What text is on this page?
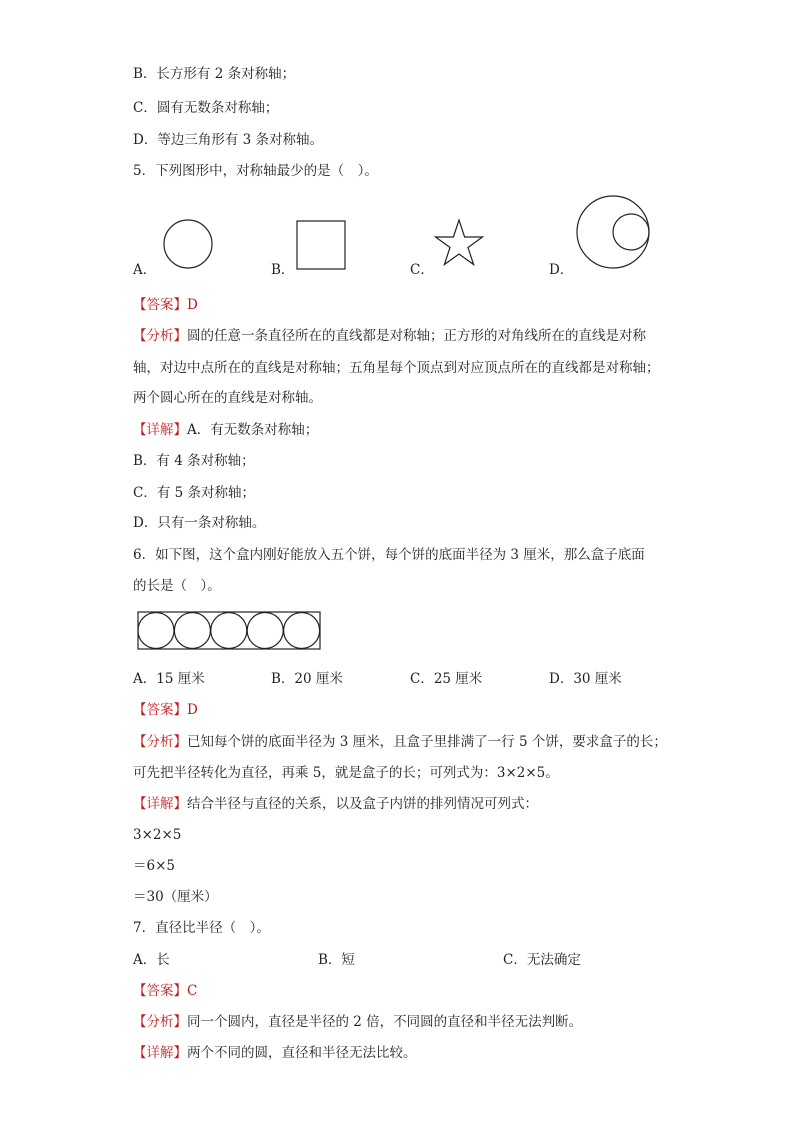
B．长方形有 2 条对称轴；
C．圆有无数条对称轴；
D．等边三角形有 3 条对称轴。
5．下列图形中，对称轴最少的是（　）。
A．	B．	C．	D．
【答案】D
【分析】圆的任意一条直径所在的直线都是对称轴；正方形的对角线所在的直线是对称
轴，对边中点所在的直线是对称轴；五角星每个顶点到对应顶点所在的直线都是对称轴；
两个圆心所在的直线是对称轴。
【详解】A．有无数条对称轴；
B．有 4 条对称轴；
C．有 5 条对称轴；
D．只有一条对称轴。
6．如下图，这个盒内刚好能放入五个饼，每个饼的底面半径为 3 厘米，那么盒子底面
的长是（　）。
A．15 厘米	B．20 厘米	C．25 厘米	D．30 厘米
【答案】D
【分析】已知每个饼的底面半径为 3 厘米，且盒子里排满了一行 5 个饼，要求盒子的长；
可先把半径转化为直径，再乘 5，就是盒子的长；可列式为：3×2×5。
【详解】结合半径与直径的关系，以及盒子内饼的排列情况可列式：
3×2×5
＝6×5
＝30（厘米）
7．直径比半径（　）。
A．长	B．短	C．无法确定
【答案】C
【分析】同一个圆内，直径是半径的 2 倍，不同圆的直径和半径无法判断。
【详解】两个不同的圆，直径和半径无法比较。
